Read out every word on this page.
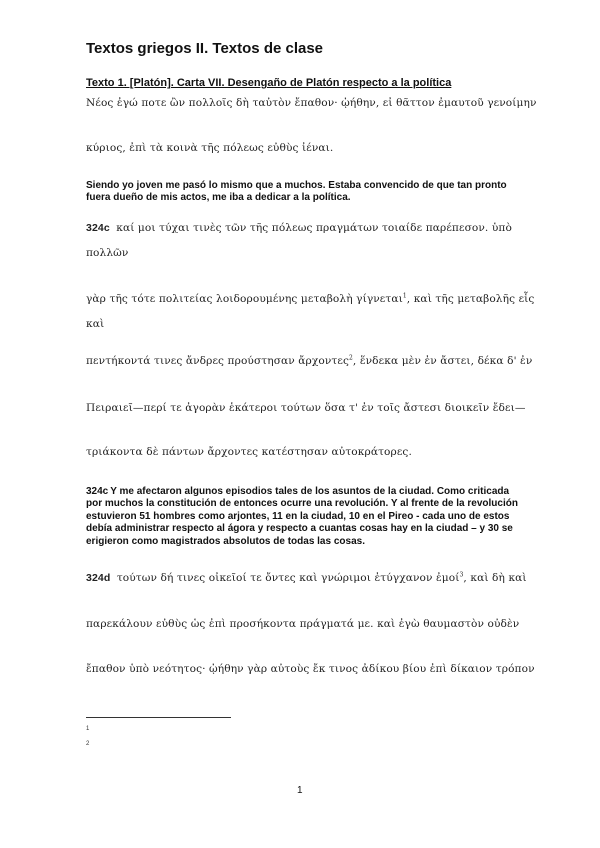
Textos griegos II. Textos de clase
Texto 1. [Platón]. Carta VII. Desengaño de Platón respecto a la política
Νέος ἐγώ ποτε ὢν πολλοῖς δὴ ταὐτὸν ἔπαθον· ᾠήθην, εἰ θᾶττον ἐμαυτοῦ γενοίμην
κύριος, ἐπὶ τὰ κοινὰ τῆς πόλεως εὐθὺς ἰέναι.
Siendo yo joven me pasó lo mismo que a muchos. Estaba convencido de que tan pronto fuera dueño de mis actos, me iba a dedicar a la política.
324c καί μοι τύχαι τινὲς τῶν τῆς πόλεως πραγμάτων τοιαίδε παρέπεσον. ὑπὸ
πολλῶν
γὰρ τῆς τότε πολιτείας λοιδορουμένης μεταβολὴ γίγνεται$^1$, καὶ τῆς μεταβολῆς εἷς
καὶ
πεντήκοντά τινες ἄνδρες προύστησαν ἄρχοντες$^2$, ἕνδεκα μὲν ἐν ἄστει, δέκα δ' ἐν
Πειραιεῖ—περί τε ἀγορὰν ἑκάτεροι τούτων ὅσα τ' ἐν τοῖς ἄστεσι διοικεῖν ἔδει—
τριάκοντα δὲ πάντων ἄρχοντες κατέστησαν αὐτοκράτορες.
324c Y me afectaron algunos episodios tales de los asuntos de la ciudad. Como criticada por muchos la constitución de entonces ocurre una revolución. Y al frente de la revolución estuvieron 51 hombres como arjontes, 11 en la ciudad, 10 en el Pireo - cada uno de estos debía administrar respecto al ágora y respecto a cuantas cosas hay en la ciudad – y 30 se erigieron como magistrados absolutos de todas las cosas.
324d τούτων δή τινες οἰκεῖοί τε ὄντες καὶ γνώριμοι ἐτύγχανον ἐμοί$^3$, καὶ δὴ καὶ
παρεκάλουν εὐθὺς ὡς ἐπὶ προσήκοντα πράγματά με. καὶ ἐγὼ θαυμαστὸν οὐδὲν
ἔπαθον ὑπὸ νεότητος· ᾠήθην γὰρ αὐτοὺς ἔκ τινος ἀδίκου βίου ἐπὶ δίκαιον τρόπον
1
2
1
